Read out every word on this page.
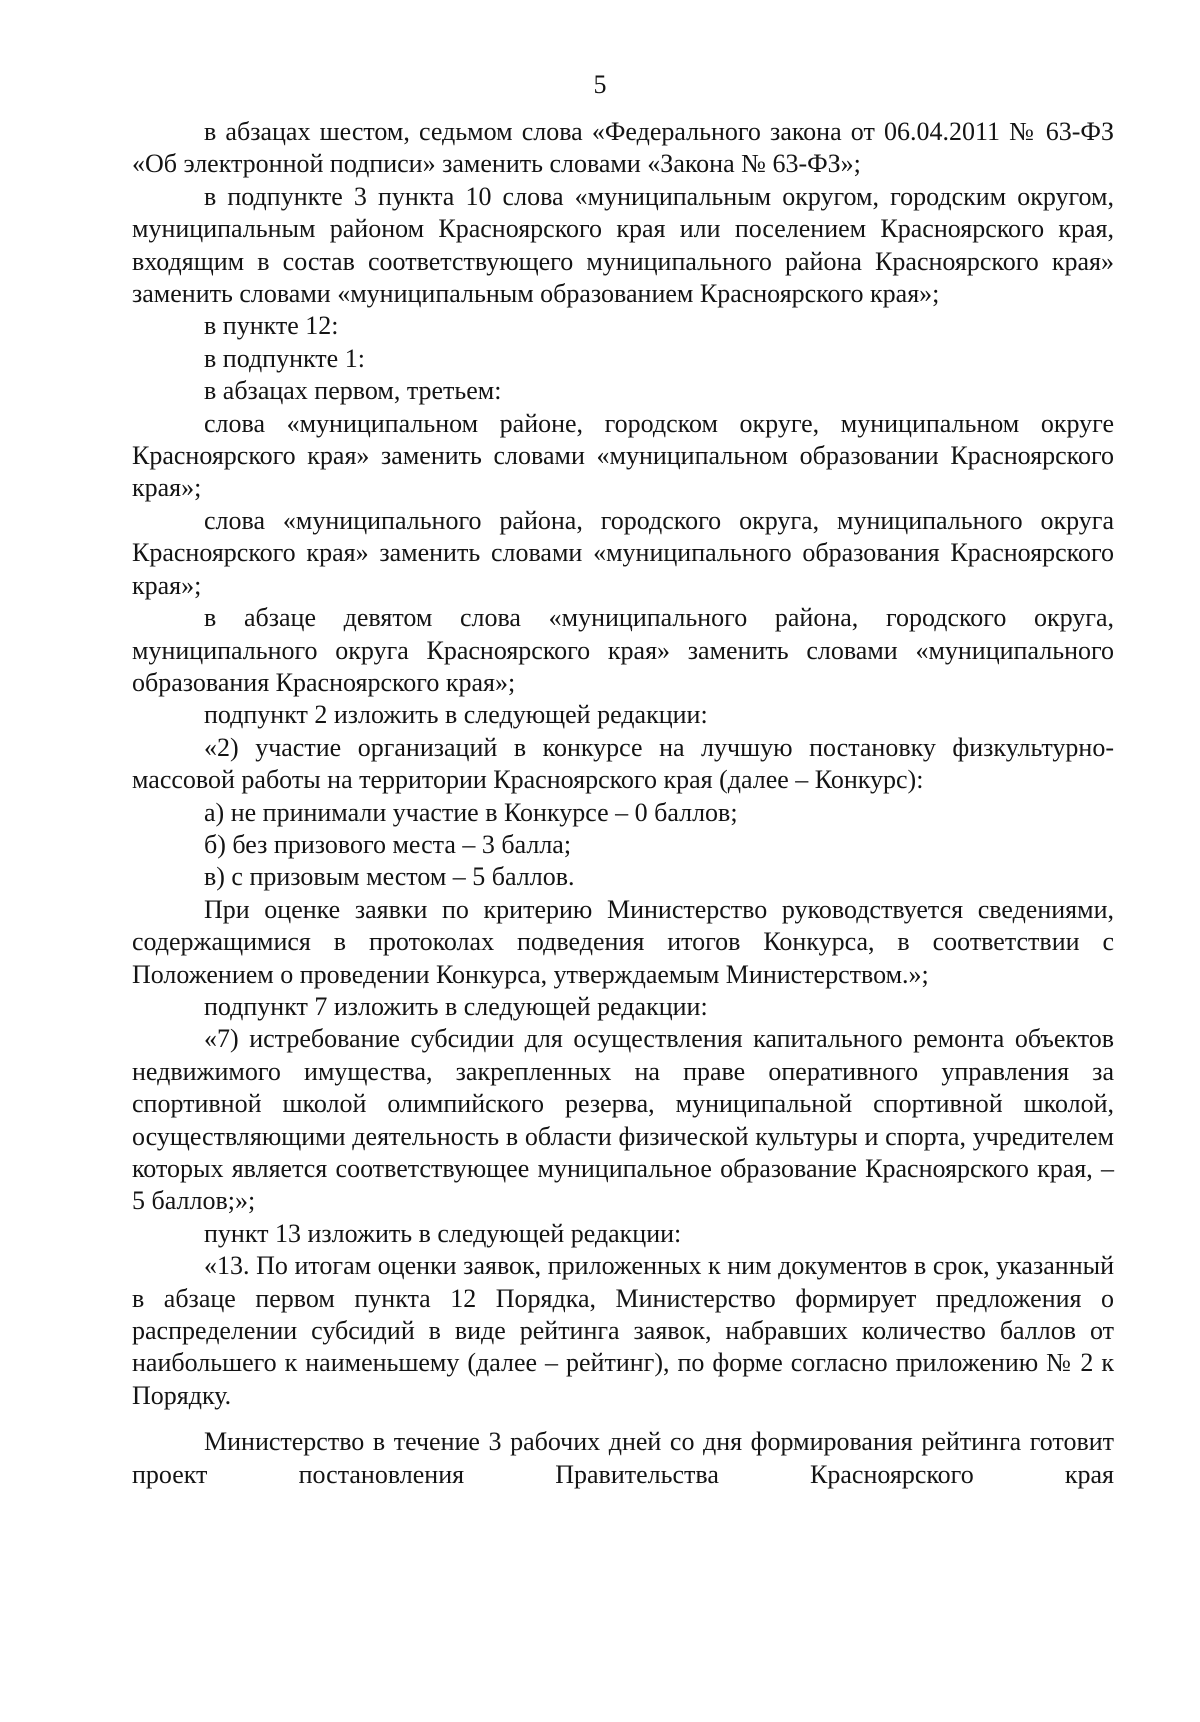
5

в абзацах шестом, седьмом слова «Федерального закона от 06.04.2011 № 63-ФЗ «Об электронной подписи» заменить словами «Закона № 63-ФЗ»;

в подпункте 3 пункта 10 слова «муниципальным округом, городским округом, муниципальным районом Красноярского края или поселением Красноярского края, входящим в состав соответствующего муниципального района Красноярского края» заменить словами «муниципальным образованием Красноярского края»;

в пункте 12:

в подпункте 1:

в абзацах первом, третьем:

слова «муниципальном районе, городском округе, муниципальном округе Красноярского края» заменить словами «муниципальном образовании Красноярского края»;

слова «муниципального района, городского округа, муниципального округа Красноярского края» заменить словами «муниципального образования Красноярского края»;

в абзаце девятом слова «муниципального района, городского округа, муниципального округа Красноярского края» заменить словами «муниципального образования Красноярского края»;

подпункт 2 изложить в следующей редакции:

«2) участие организаций в конкурсе на лучшую постановку физкультурно-массовой работы на территории Красноярского края (далее – Конкурс):

а) не принимали участие в Конкурсе – 0 баллов;

б) без призового места – 3 балла;

в) с призовым местом – 5 баллов.

При оценке заявки по критерию Министерство руководствуется сведениями, содержащимися в протоколах подведения итогов Конкурса, в соответствии с Положением о проведении Конкурса, утверждаемым Министерством.»;

подпункт 7 изложить в следующей редакции:

«7) истребование субсидии для осуществления капитального ремонта объектов недвижимого имущества, закрепленных на праве оперативного управления за спортивной школой олимпийского резерва, муниципальной спортивной школой, осуществляющими деятельность в области физической культуры и спорта, учредителем которых является соответствующее муниципальное образование Красноярского края, – 5 баллов;»;

пункт 13 изложить в следующей редакции:

«13. По итогам оценки заявок, приложенных к ним документов в срок, указанный в абзаце первом пункта 12 Порядка, Министерство формирует предложения о распределении субсидий в виде рейтинга заявок, набравших количество баллов от наибольшего к наименьшему (далее – рейтинг), по форме согласно приложению № 2 к Порядку.

Министерство в течение 3 рабочих дней со дня формирования рейтинга готовит проект постановления Правительства Красноярского края
